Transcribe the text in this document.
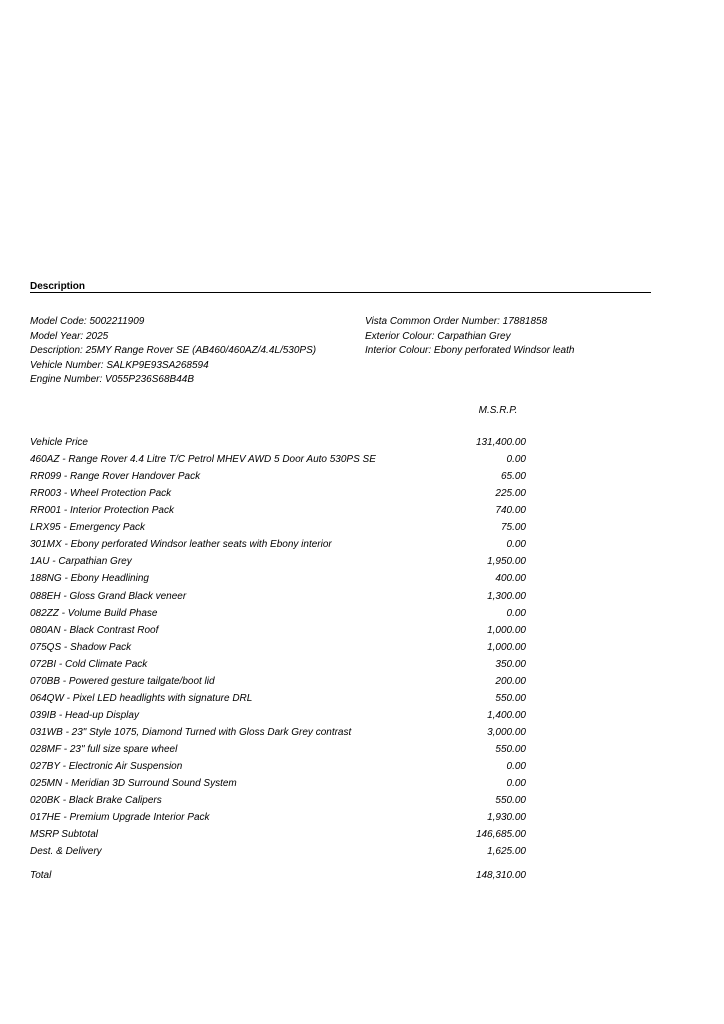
Description
Model Code: 5002211909
Model Year: 2025
Description: 25MY Range Rover SE (AB460/460AZ/4.4L/530PS)
Vehicle Number: SALKP9E93SA268594
Engine Number: V055P236S68B44B
Vista Common Order Number: 17881858
Exterior Colour: Carpathian Grey
Interior Colour: Ebony perforated Windsor leath
M.S.R.P.
Vehicle Price	131,400.00
460AZ - Range Rover 4.4 Litre T/C Petrol MHEV AWD 5 Door Auto 530PS SE	0.00
RR099 - Range Rover Handover Pack	65.00
RR003 - Wheel Protection Pack	225.00
RR001 - Interior Protection Pack	740.00
LRX95 - Emergency Pack	75.00
301MX - Ebony perforated Windsor leather seats with Ebony interior	0.00
1AU - Carpathian Grey	1,950.00
188NG - Ebony Headlining	400.00
088EH - Gloss Grand Black veneer	1,300.00
082ZZ - Volume Build Phase	0.00
080AN - Black Contrast Roof	1,000.00
075QS - Shadow Pack	1,000.00
072BI - Cold Climate Pack	350.00
070BB - Powered gesture tailgate/boot lid	200.00
064QW - Pixel LED headlights with signature DRL	550.00
039IB - Head-up Display	1,400.00
031WB - 23" Style 1075, Diamond Turned with Gloss Dark Grey contrast	3,000.00
028MF - 23" full size spare wheel	550.00
027BY - Electronic Air Suspension	0.00
025MN - Meridian 3D Surround Sound System	0.00
020BK - Black Brake Calipers	550.00
017HE - Premium Upgrade Interior Pack	1,930.00
MSRP Subtotal	146,685.00
Dest. & Delivery	1,625.00
Total	148,310.00
